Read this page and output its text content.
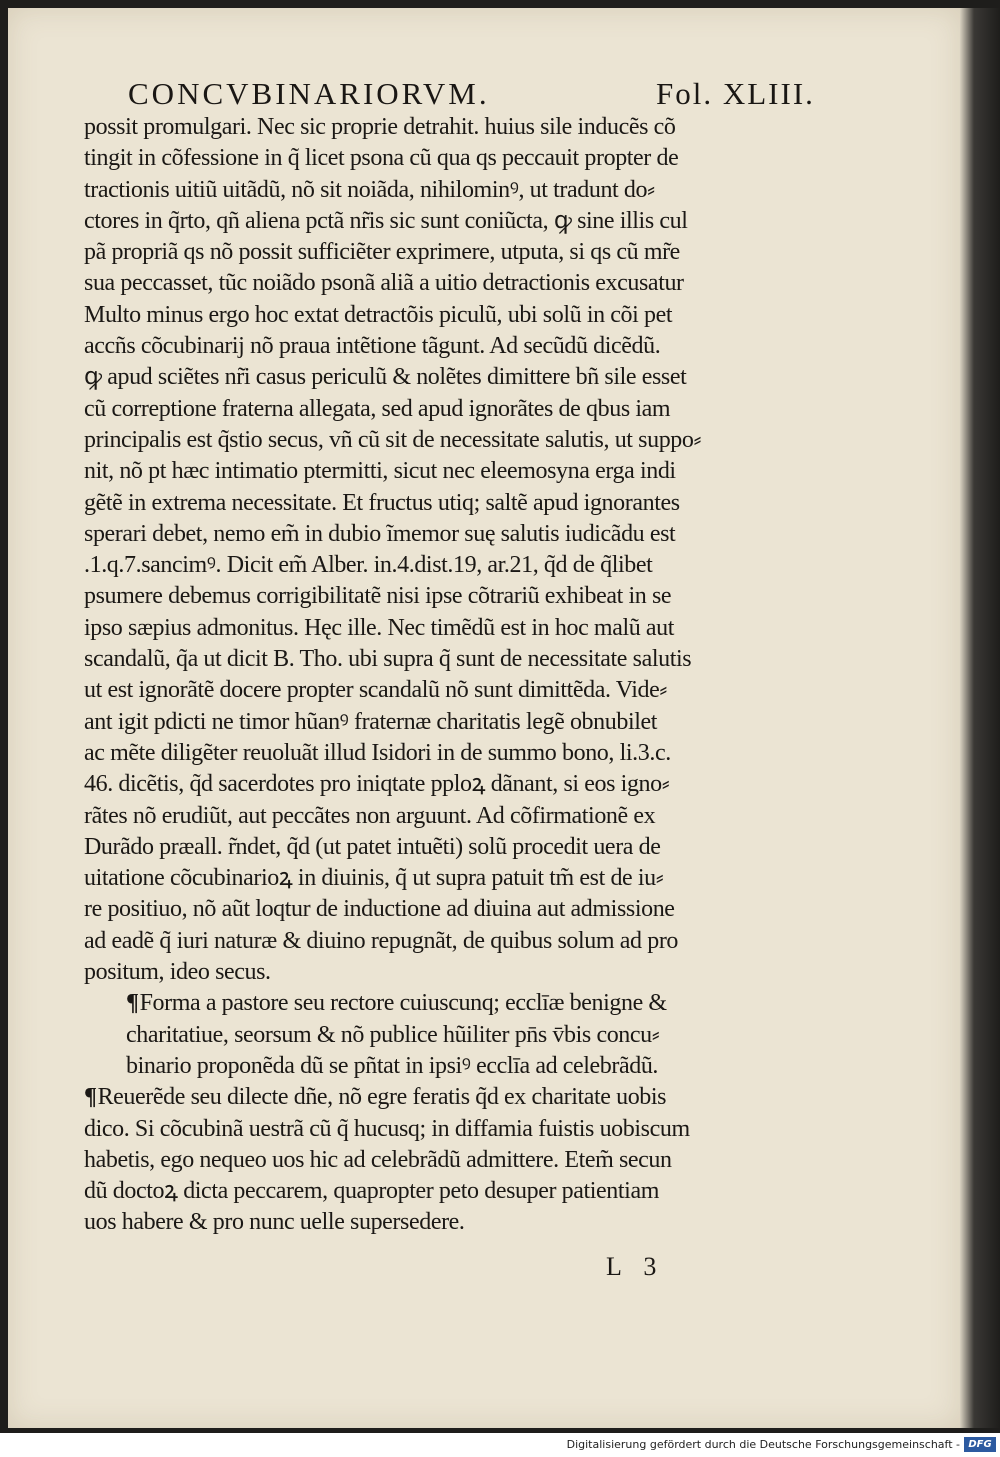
CONCVBINARIORVM.	Fol. XLIII.
possit promulgari. Nec sic proprie detrahit. huius sile inducẽs cõ
tingit in cõfessione in q̃ licet psona cũ qua qs peccauit propter de
tractionis uitiũ uitãdũ, nõ sit noiãda, nihilominꝰ, ut tradunt do⸗
ctores in q̃rto, qñ aliena pctã nr̃is sic sunt coniũcta, ꝙ sine illis cul
pã propriã qs nõ possit sufficiẽter exprimere, utputa, si qs cũ mr̃e
sua peccasset, tũc noiãdo psonã aliã a uitio detractionis excusatur
Multo minus ergo hoc extat detractõis piculũ, ubi solũ in cõi pet
accñs cõcubinarij nõ praua intẽtione tãgunt. Ad secũdũ dicẽdũ.
ꝙ apud sciẽtes nr̃i casus periculũ & nolẽtes dimittere bñ sile esset
cũ correptione fraterna allegata, sed apud ignorãtes de qbus iam
principalis est q̃stio secus, vñ cũ sit de necessitate salutis, ut suppo⸗
nit, nõ pt hæc intimatio ptermitti, sicut nec eleemosyna erga indi
gẽtẽ in extrema necessitate. Et fructus utiq; saltẽ apud ignorantes
sperari debet, nemo em̃ in dubio ĩmemor suę salutis iudicãdu est
.1.q.7.sancimꝰ. Dicit em̃ Alber. in.4.dist.19, ar.21, q̃d de q̃libet
psumere debemus corrigibilitatẽ nisi ipse cõtrariũ exhibeat in se
ipso sæpius admonitus. Hęc ille. Nec timẽdũ est in hoc malũ aut
scandalũ, q̃a ut dicit B. Tho. ubi supra q̃ sunt de necessitate salutis
ut est ignorãtẽ docere propter scandalũ nõ sunt dimittẽda. Vide⸗
ant igit pdicti ne timor hũanꝰ fraternæ charitatis legẽ obnubilet
ac mẽte diligẽter reuoluãt illud Isidori in de summo bono, li.3.c.
46. dicẽtis, q̃d sacerdotes pro iniqtate pploꝝ dãnant, si eos igno⸗
rãtes nõ erudiũt, aut peccãtes non arguunt. Ad cõfirmationẽ ex
Durãdo præall. r̃ndet, q̃d (ut patet intuẽti) solũ procedit uera de
uitatione cõcubinarioꝝ in diuinis, q̃ ut supra patuit tm̃ est de iu⸗
re positiuo, nõ aũt loqtur de inductione ad diuina aut admissione
ad eadẽ q̃ iuri naturæ & diuino repugnãt, de quibus solum ad pro
positum, ideo secus.
¶Forma a pastore seu rectore cuiuscunq; ecclīæ benigne &
charitatiue, seorsum & nõ publice hũiliter pn̄s v̄bis concu⸗
binario proponẽda dũ se pñtat in ipsiꝰ ecclīa ad celebrãdũ.
¶Reuerẽde seu dilecte dñe, nõ egre feratis q̃d ex charitate uobis
dico. Si cõcubinã uestrã cũ q̃ hucusq; in diffamia fuistis uobiscum
habetis, ego nequeo uos hic ad celebrãdũ admittere. Etem̃ secun
dũ doctoꝝ dicta peccarem, quapropter peto desuper patientiam
uos habere & pro nunc uelle supersedere.
L 3
Digitalisierung gefördert durch die Deutsche Forschungsgemeinschaft - DFG
